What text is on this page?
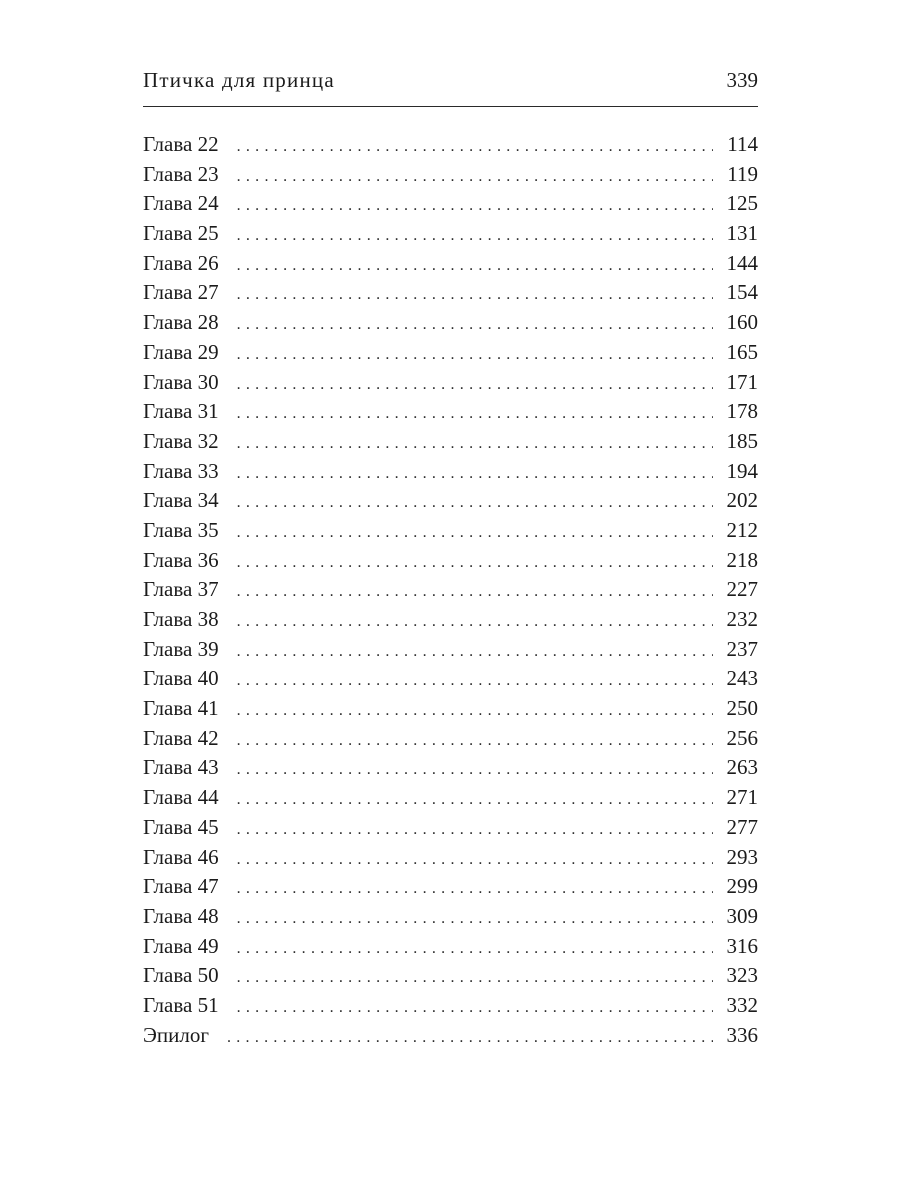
Птичка для принца	339
Глава 22 . . .	114
Глава 23 . . .	119
Глава 24 . . .	125
Глава 25 . . .	131
Глава 26 . . .	144
Глава 27 . . .	154
Глава 28 . . .	160
Глава 29 . . .	165
Глава 30 . . .	171
Глава 31 . . .	178
Глава 32 . . .	185
Глава 33 . . .	194
Глава 34 . . .	202
Глава 35 . . .	212
Глава 36 . . .	218
Глава 37 . . .	227
Глава 38 . . .	232
Глава 39 . . .	237
Глава 40 . . .	243
Глава 41 . . .	250
Глава 42 . . .	256
Глава 43 . . .	263
Глава 44 . . .	271
Глава 45 . . .	277
Глава 46 . . .	293
Глава 47 . . .	299
Глава 48 . . .	309
Глава 49 . . .	316
Глава 50 . . .	323
Глава 51 . . .	332
Эпилог . . .	336
